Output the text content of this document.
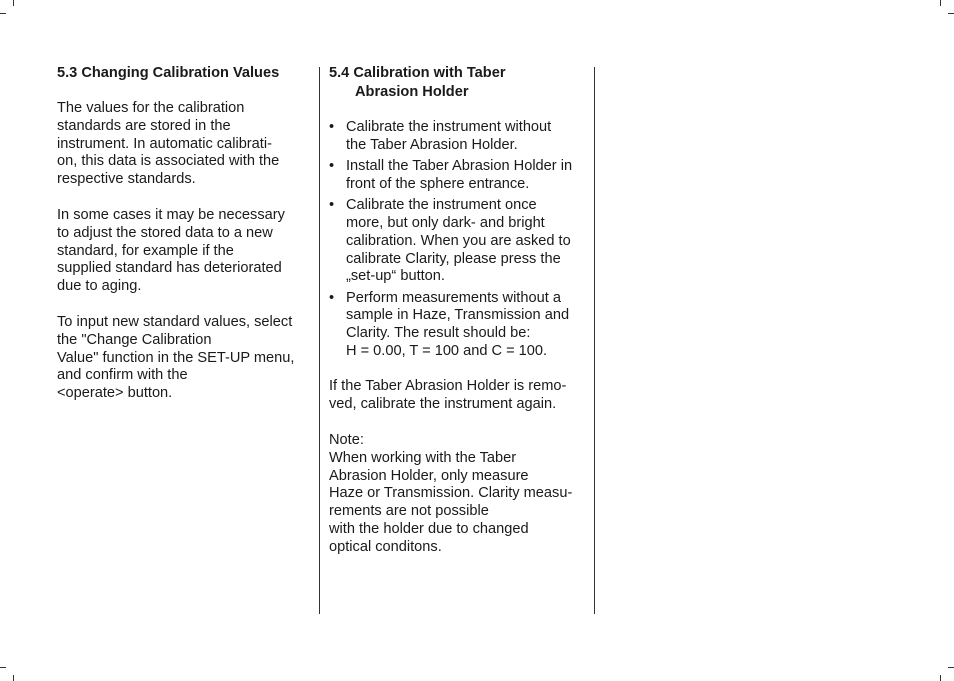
5.3 Changing Calibration Values

The values for the calibration
standards are stored in the
instrument. In automatic calibrati-
on, this data is associated with the
respective standards.

In some cases it may be necessary
to adjust the stored data to a new
standard, for example if the
supplied standard has deteriorated
due to aging.

To input new standard values, select
the "Change Calibration
Value" function in the SET-UP menu,
and confirm with the
<operate> button.

5.4 Calibration with Taber
Abrasion Holder
• Calibrate the instrument without
the Taber Abrasion Holder.
• Install the Taber Abrasion Holder in
front of the sphere entrance.
• Calibrate the instrument once
more, but only dark- and bright
calibration. When you are asked to
calibrate Clarity, please press the
„set-up“ button.
• Perform measurements without a
sample in Haze, Transmission and
Clarity. The result should be:
H = 0.00, T = 100 and C = 100.

If the Taber Abrasion Holder is remo-
ved, calibrate the instrument again.

Note:
When working with the Taber
Abrasion Holder, only measure
Haze or Transmission. Clarity measu-
rements are not possible
with the holder due to changed
optical conditons.
